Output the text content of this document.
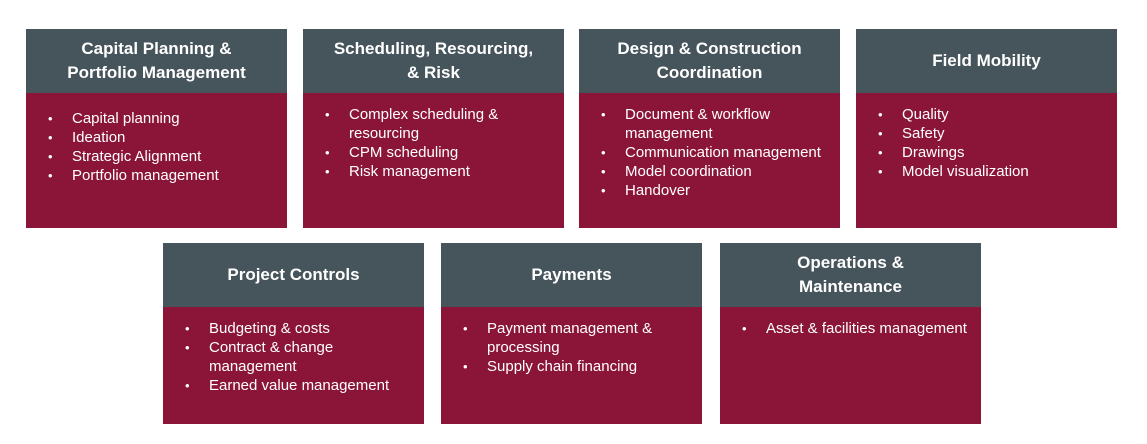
Capital Planning &
Portfolio Management
• Capital planning
• Ideation
• Strategic Alignment
• Portfolio management
Scheduling, Resourcing,
& Risk
• Complex scheduling & resourcing
• CPM scheduling
• Risk management
Design & Construction
Coordination
• Document & workflow management
• Communication management
• Model coordination
• Handover
Field Mobility
• Quality
• Safety
• Drawings
• Model visualization
Project Controls
• Budgeting & costs
• Contract & change management
• Earned value management
Payments
• Payment management & processing
• Supply chain financing
Operations &
Maintenance
• Asset & facilities management
